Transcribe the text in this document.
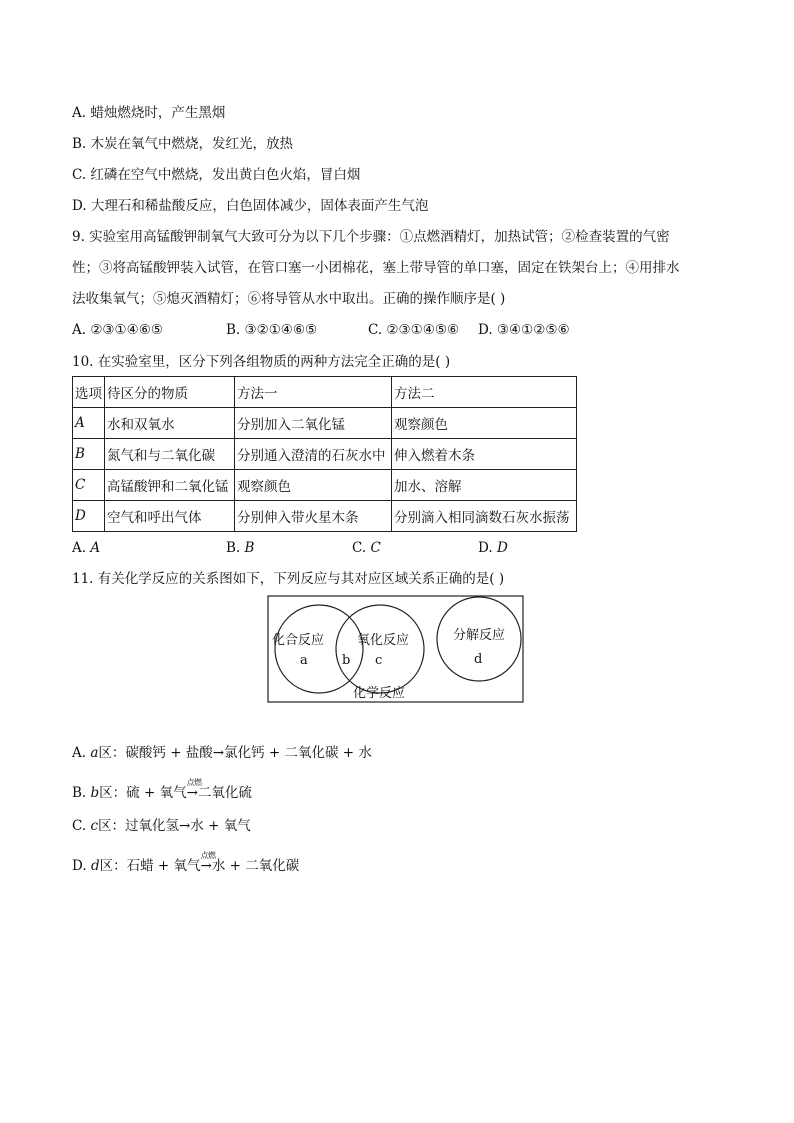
A. 蜡烛燃烧时，产生黑烟
B. 木炭在氧气中燃烧，发红光，放热
C. 红磷在空气中燃烧，发出黄白色火焰，冒白烟
D. 大理石和稀盐酸反应，白色固体减少，固体表面产生气泡
9. 实验室用高锰酸钾制氧气大致可分为以下几个步骤：①点燃酒精灯，加热试管；②检查装置的气密
性；③将高锰酸钾装入试管，在管口塞一小团棉花，塞上带导管的单口塞，固定在铁架台上；④用排水
法收集氧气；⑤熄灭酒精灯；⑥将导管从水中取出。正确的操作顺序是( )
A. ②③①④⑥⑤	B. ③②①④⑥⑤	C. ②③①④⑤⑥ D. ③④①②⑤⑥
10. 在实验室里，区分下列各组物质的两种方法完全正确的是( )
选项	待区分的物质	方法一	方法二
A	水和双氧水	分别加入二氧化锰	观察颜色
B	氮气和与二氧化碳	分别通入澄清的石灰水中	伸入燃着木条
C	高锰酸钾和二氧化锰	观察颜色	加水、溶解
D	空气和呼出气体	分别伸入带火星木条	分别滴入相同滴数石灰水振荡
A. A	B. B	C. C	D. D
11. 有关化学反应的关系图如下，下列反应与其对应区域关系正确的是( )
化合反应
a	b
氧化反应
c
分解反应
d
化学反应
A. a区：碳酸钙 + 盐酸→氯化钙 + 二氧化碳 + 水
B. b区：硫 + 氧气
点燃
→二氧化硫
C. c区：过氧化氢→水 + 氧气
D. d区：石蜡 + 氧气
点燃
→水 + 二氧化碳
